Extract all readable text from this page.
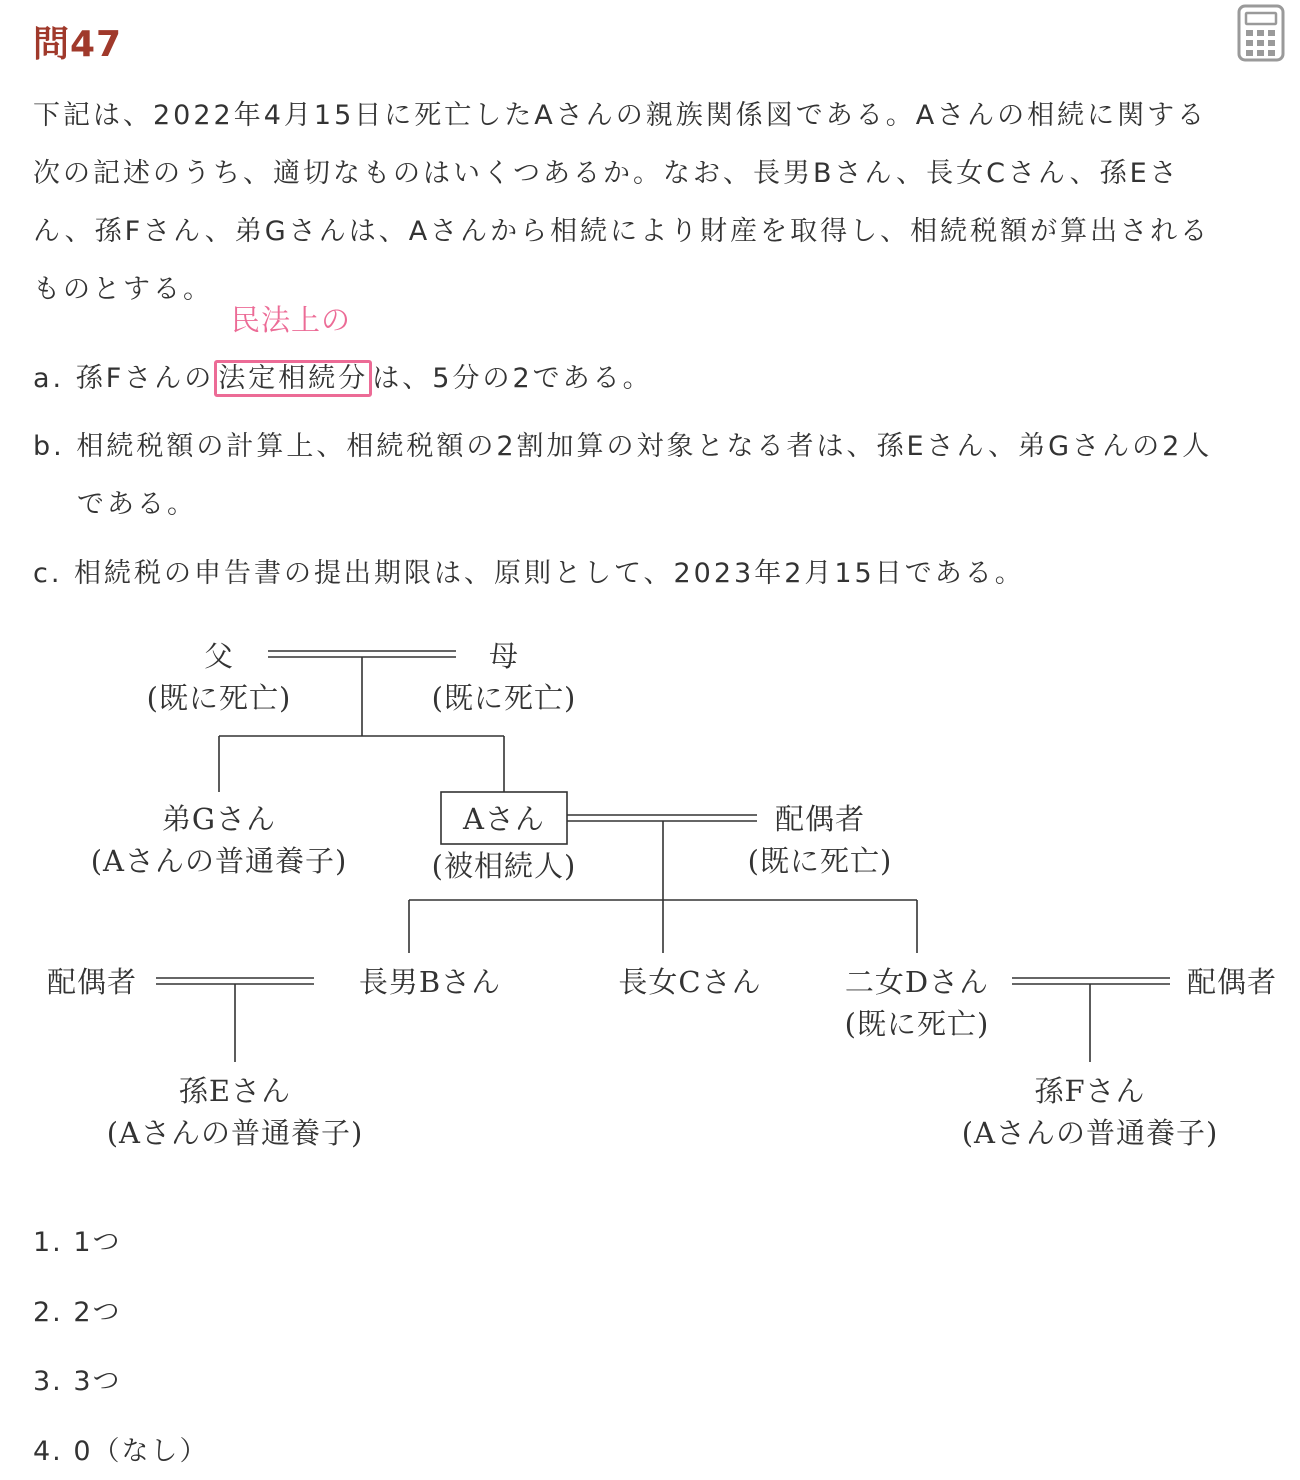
問47
下記は、2022年4月15日に死亡したAさんの親族関係図である。Aさんの相続に関する
次の記述のうち、適切なものはいくつあるか。なお、長男Bさん、長女Cさん、孫Eさ
ん、孫Fさん、弟Gさんは、Aさんから相続により財産を取得し、相続税額が算出される
ものとする。
民法上の
a. 孫Fさんの 法定相続分 は、5分の2である。
b. 相続税額の計算上、相続税額の2割加算の対象となる者は、孫Eさん、弟Gさんの2人
である。
c. 相続税の申告書の提出期限は、原則として、2023年2月15日である。
父
(既に死亡)
母
(既に死亡)
弟Gさん
(Aさんの普通養子)
Aさん
(被相続人)
配偶者
(既に死亡)
配偶者	長男Bさん	長女Cさん	二女Dさん
(既に死亡)
配偶者
孫Eさん
(Aさんの普通養子)
孫Fさん
(Aさんの普通養子)
1. 1つ
2. 2つ
3. 3つ
4. 0（なし）
